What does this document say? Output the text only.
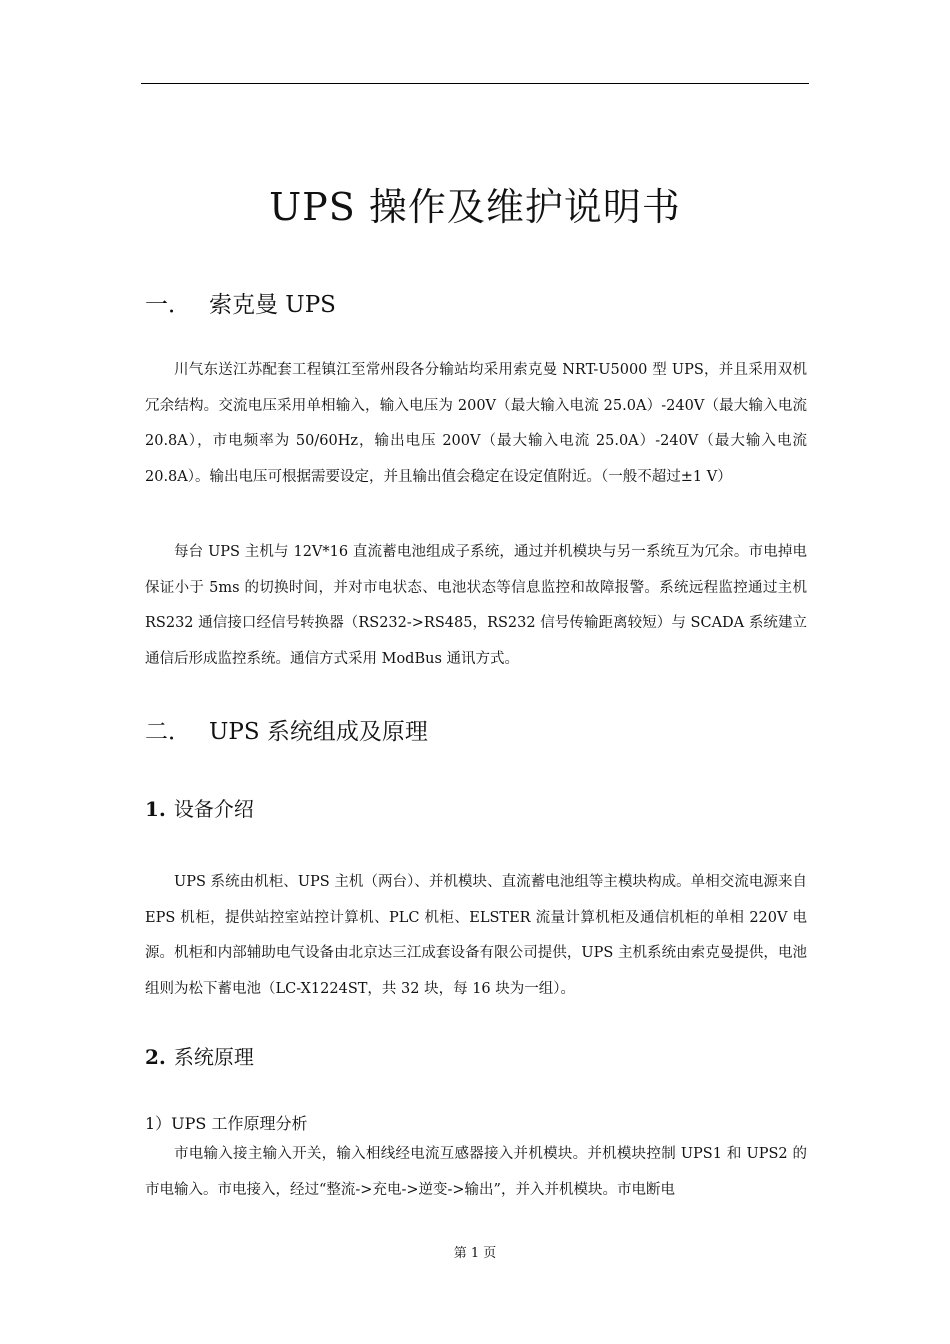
UPS 操作及维护说明书
一． 索克曼 UPS

川气东送江苏配套工程镇江至常州段各分输站均采用索克曼 NRT-U5000 型 UPS，并且采用双机冗余结构。交流电压采用单相输入，输入电压为 200V（最大输入电流 25.0A）-240V（最大输入电流 20.8A），市电频率为 50/60Hz，输出电压 200V（最大输入电流 25.0A）-240V（最大输入电流 20.8A）。输出电压可根据需要设定，并且输出值会稳定在设定值附近。（一般不超过±1 V）

每台 UPS 主机与 12V*16 直流蓄电池组成子系统，通过并机模块与另一系统互为冗余。市电掉电保证小于 5ms 的切换时间，并对市电状态、电池状态等信息监控和故障报警。系统远程监控通过主机 RS232 通信接口经信号转换器（RS232->RS485，RS232 信号传输距离较短）与 SCADA 系统建立通信后形成监控系统。通信方式采用 ModBus 通讯方式。

二． UPS 系统组成及原理
1. 设备介绍

UPS 系统由机柜、UPS 主机（两台）、并机模块、直流蓄电池组等主模块构成。单相交流电源来自 EPS 机柜，提供站控室站控计算机、PLC 机柜、ELSTER 流量计算机柜及通信机柜的单相 220V 电源。机柜和内部辅助电气设备由北京达三江成套设备有限公司提供，UPS 主机系统由索克曼提供，电池组则为松下蓄电池（LC-X1224ST，共 32 块，每 16 块为一组）。

2. 系统原理
1）UPS 工作原理分析

市电输入接主输入开关，输入相线经电流互感器接入并机模块。并机模块控制 UPS1 和 UPS2 的市电输入。市电接入，经过“整流->充电->逆变->输出”，并入并机模块。市电断电

第 1 页
